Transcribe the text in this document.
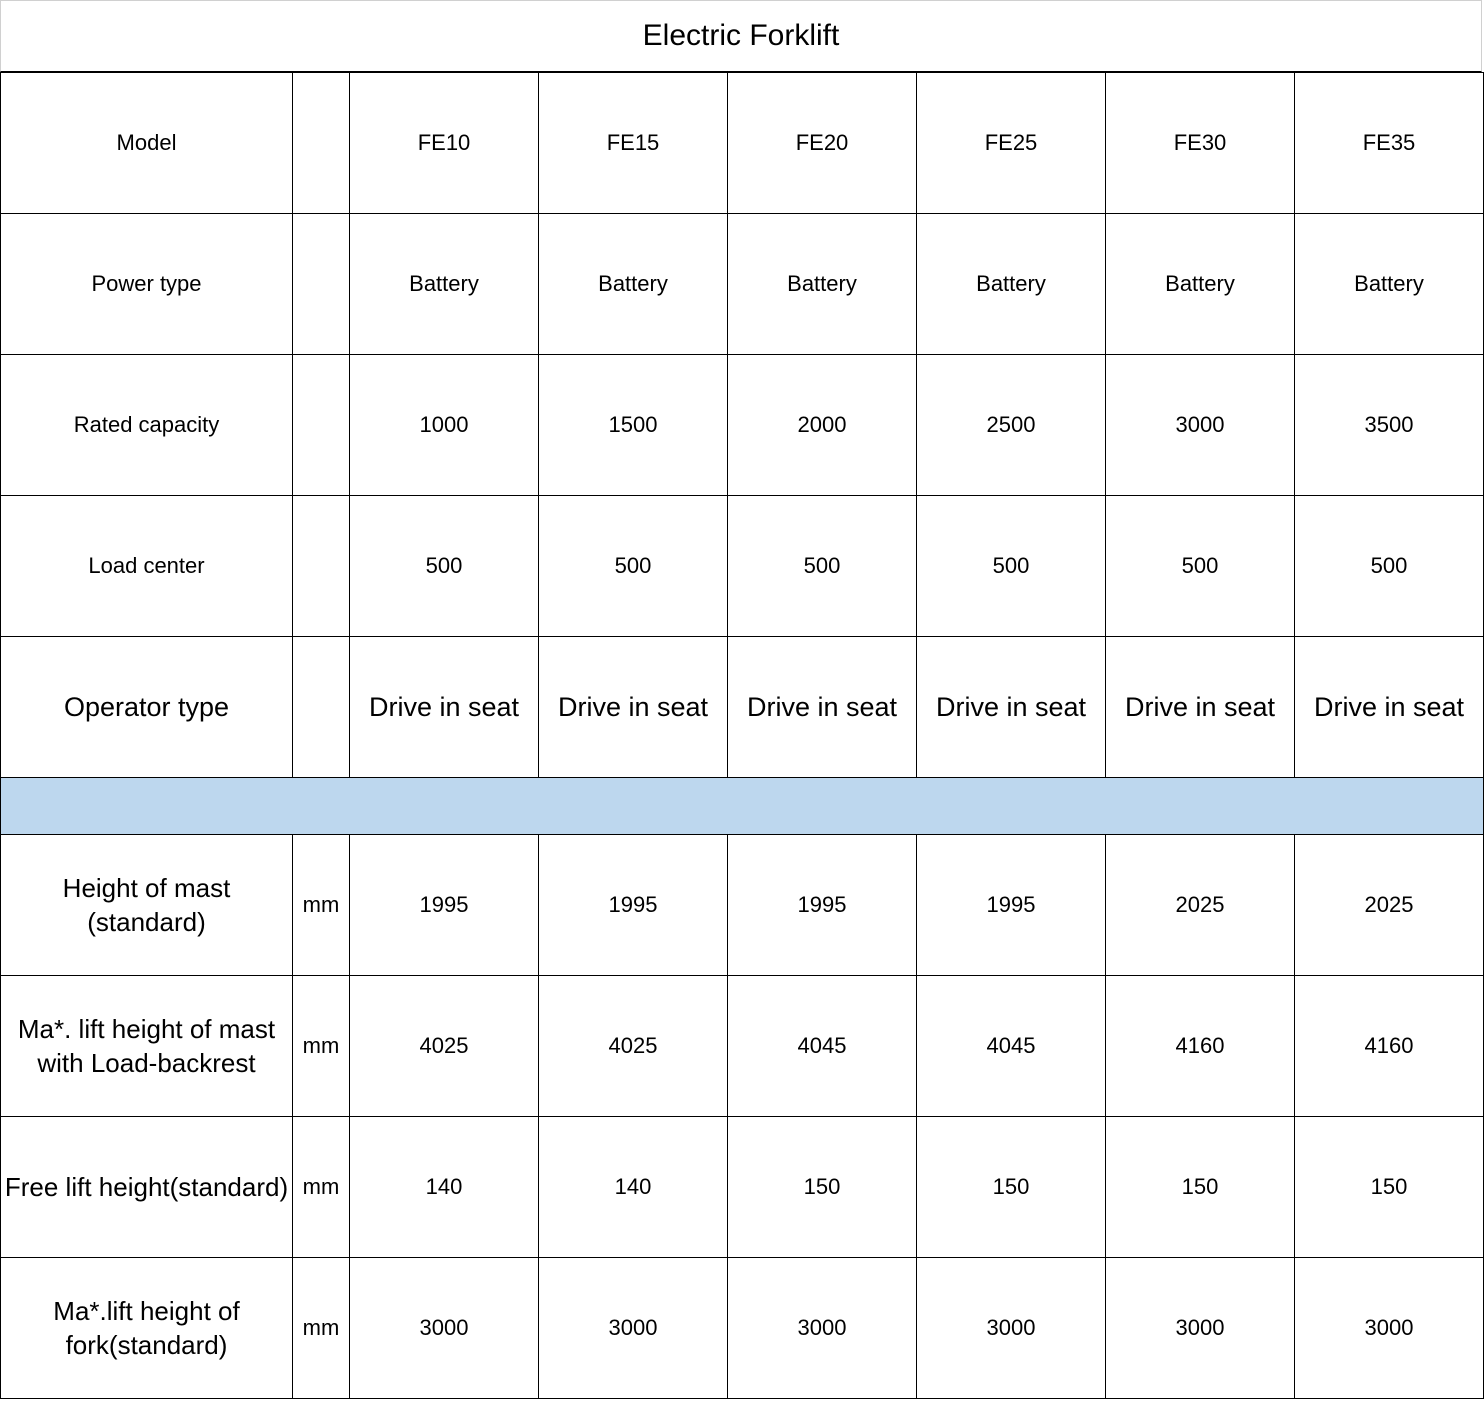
Electric Forklift
Model		FE10	FE15	FE20	FE25	FE30	FE35
Power type		Battery	Battery	Battery	Battery	Battery	Battery
Rated capacity		1000	1500	2000	2500	3000	3500
Load center		500	500	500	500	500	500
Operator type		Drive in seat	Drive in seat	Drive in seat	Drive in seat	Drive in seat	Drive in seat

Height of mast (standard)	mm	1995	1995	1995	1995	2025	2025
Ma*. lift height of mast with Load-backrest	mm	4025	4025	4045	4045	4160	4160
Free lift height(standard)	mm	140	140	150	150	150	150
Ma*.lift height of fork(standard)	mm	3000	3000	3000	3000	3000	3000
